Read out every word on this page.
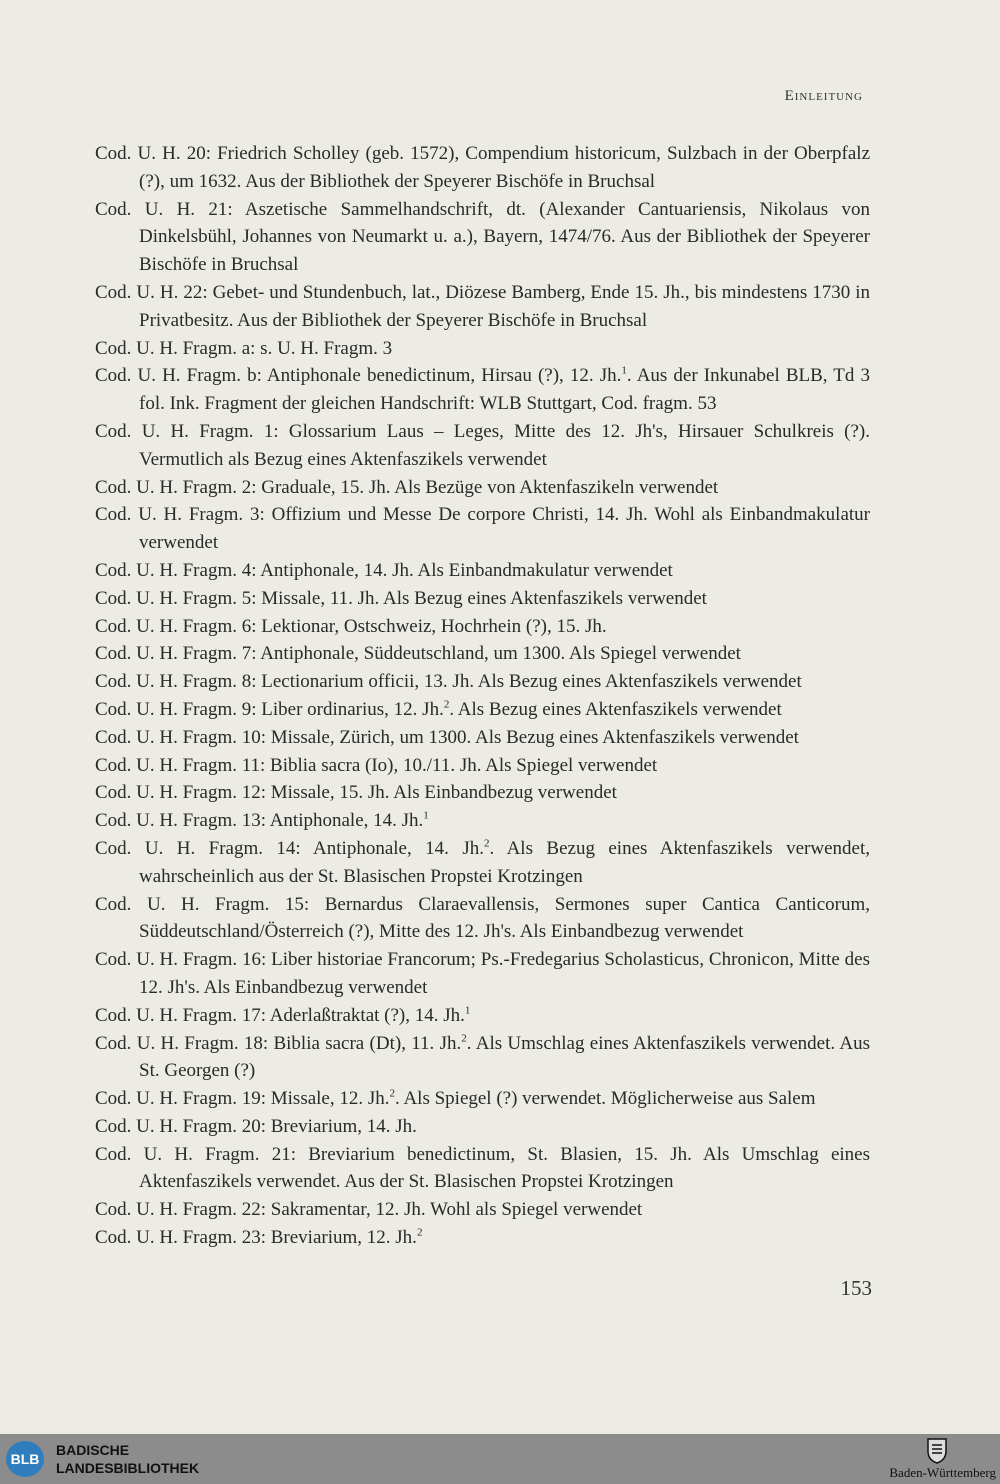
Einleitung
Cod. U. H. 20: Friedrich Scholley (geb. 1572), Compendium historicum, Sulzbach in der Oberpfalz (?), um 1632. Aus der Bibliothek der Speyerer Bischöfe in Bruchsal
Cod. U. H. 21: Aszetische Sammelhandschrift, dt. (Alexander Cantuariensis, Nikolaus von Dinkelsbühl, Johannes von Neumarkt u. a.), Bayern, 1474/76. Aus der Bibliothek der Speyerer Bischöfe in Bruchsal
Cod. U. H. 22: Gebet- und Stundenbuch, lat., Diözese Bamberg, Ende 15. Jh., bis mindestens 1730 in Privatbesitz. Aus der Bibliothek der Speyerer Bischöfe in Bruchsal
Cod. U. H. Fragm. a: s. U. H. Fragm. 3
Cod. U. H. Fragm. b: Antiphonale benedictinum, Hirsau (?), 12. Jh.$^1$. Aus der Inkunabel BLB, Td 3 fol. Ink. Fragment der gleichen Handschrift: WLB Stuttgart, Cod. fragm. 53
Cod. U. H. Fragm. 1: Glossarium Laus – Leges, Mitte des 12. Jh's, Hirsauer Schulkreis (?). Vermutlich als Bezug eines Aktenfaszikels verwendet
Cod. U. H. Fragm. 2: Graduale, 15. Jh. Als Bezüge von Aktenfaszikeln verwendet
Cod. U. H. Fragm. 3: Offizium und Messe De corpore Christi, 14. Jh. Wohl als Einbandmakulatur verwendet
Cod. U. H. Fragm. 4: Antiphonale, 14. Jh. Als Einbandmakulatur verwendet
Cod. U. H. Fragm. 5: Missale, 11. Jh. Als Bezug eines Aktenfaszikels verwendet
Cod. U. H. Fragm. 6: Lektionar, Ostschweiz, Hochrhein (?), 15. Jh.
Cod. U. H. Fragm. 7: Antiphonale, Süddeutschland, um 1300. Als Spiegel verwendet
Cod. U. H. Fragm. 8: Lectionarium officii, 13. Jh. Als Bezug eines Aktenfaszikels verwendet
Cod. U. H. Fragm. 9: Liber ordinarius, 12. Jh.$^2$. Als Bezug eines Aktenfaszikels verwendet
Cod. U. H. Fragm. 10: Missale, Zürich, um 1300. Als Bezug eines Aktenfaszikels verwendet
Cod. U. H. Fragm. 11: Biblia sacra (Io), 10./11. Jh. Als Spiegel verwendet
Cod. U. H. Fragm. 12: Missale, 15. Jh. Als Einbandbezug verwendet
Cod. U. H. Fragm. 13: Antiphonale, 14. Jh.$^1$
Cod. U. H. Fragm. 14: Antiphonale, 14. Jh.$^2$. Als Bezug eines Aktenfaszikels verwendet, wahrscheinlich aus der St. Blasischen Propstei Krotzingen
Cod. U. H. Fragm. 15: Bernardus Claraevallensis, Sermones super Cantica Canticorum, Süddeutschland/Österreich (?), Mitte des 12. Jh's. Als Einbandbezug verwendet
Cod. U. H. Fragm. 16: Liber historiae Francorum; Ps.-Fredegarius Scholasticus, Chronicon, Mitte des 12. Jh's. Als Einbandbezug verwendet
Cod. U. H. Fragm. 17: Aderlaßtraktat (?), 14. Jh.$^1$
Cod. U. H. Fragm. 18: Biblia sacra (Dt), 11. Jh.$^2$. Als Umschlag eines Aktenfaszikels verwendet. Aus St. Georgen (?)
Cod. U. H. Fragm. 19: Missale, 12. Jh.$^2$. Als Spiegel (?) verwendet. Möglicherweise aus Salem
Cod. U. H. Fragm. 20: Breviarium, 14. Jh.
Cod. U. H. Fragm. 21: Breviarium benedictinum, St. Blasien, 15. Jh. Als Umschlag eines Aktenfaszikels verwendet. Aus der St. Blasischen Propstei Krotzingen
Cod. U. H. Fragm. 22: Sakramentar, 12. Jh. Wohl als Spiegel verwendet
Cod. U. H. Fragm. 23: Breviarium, 12. Jh.$^2$
153
BLB
BADISCHE
LANDESBIBLIOTHEK	Baden-Württemberg
